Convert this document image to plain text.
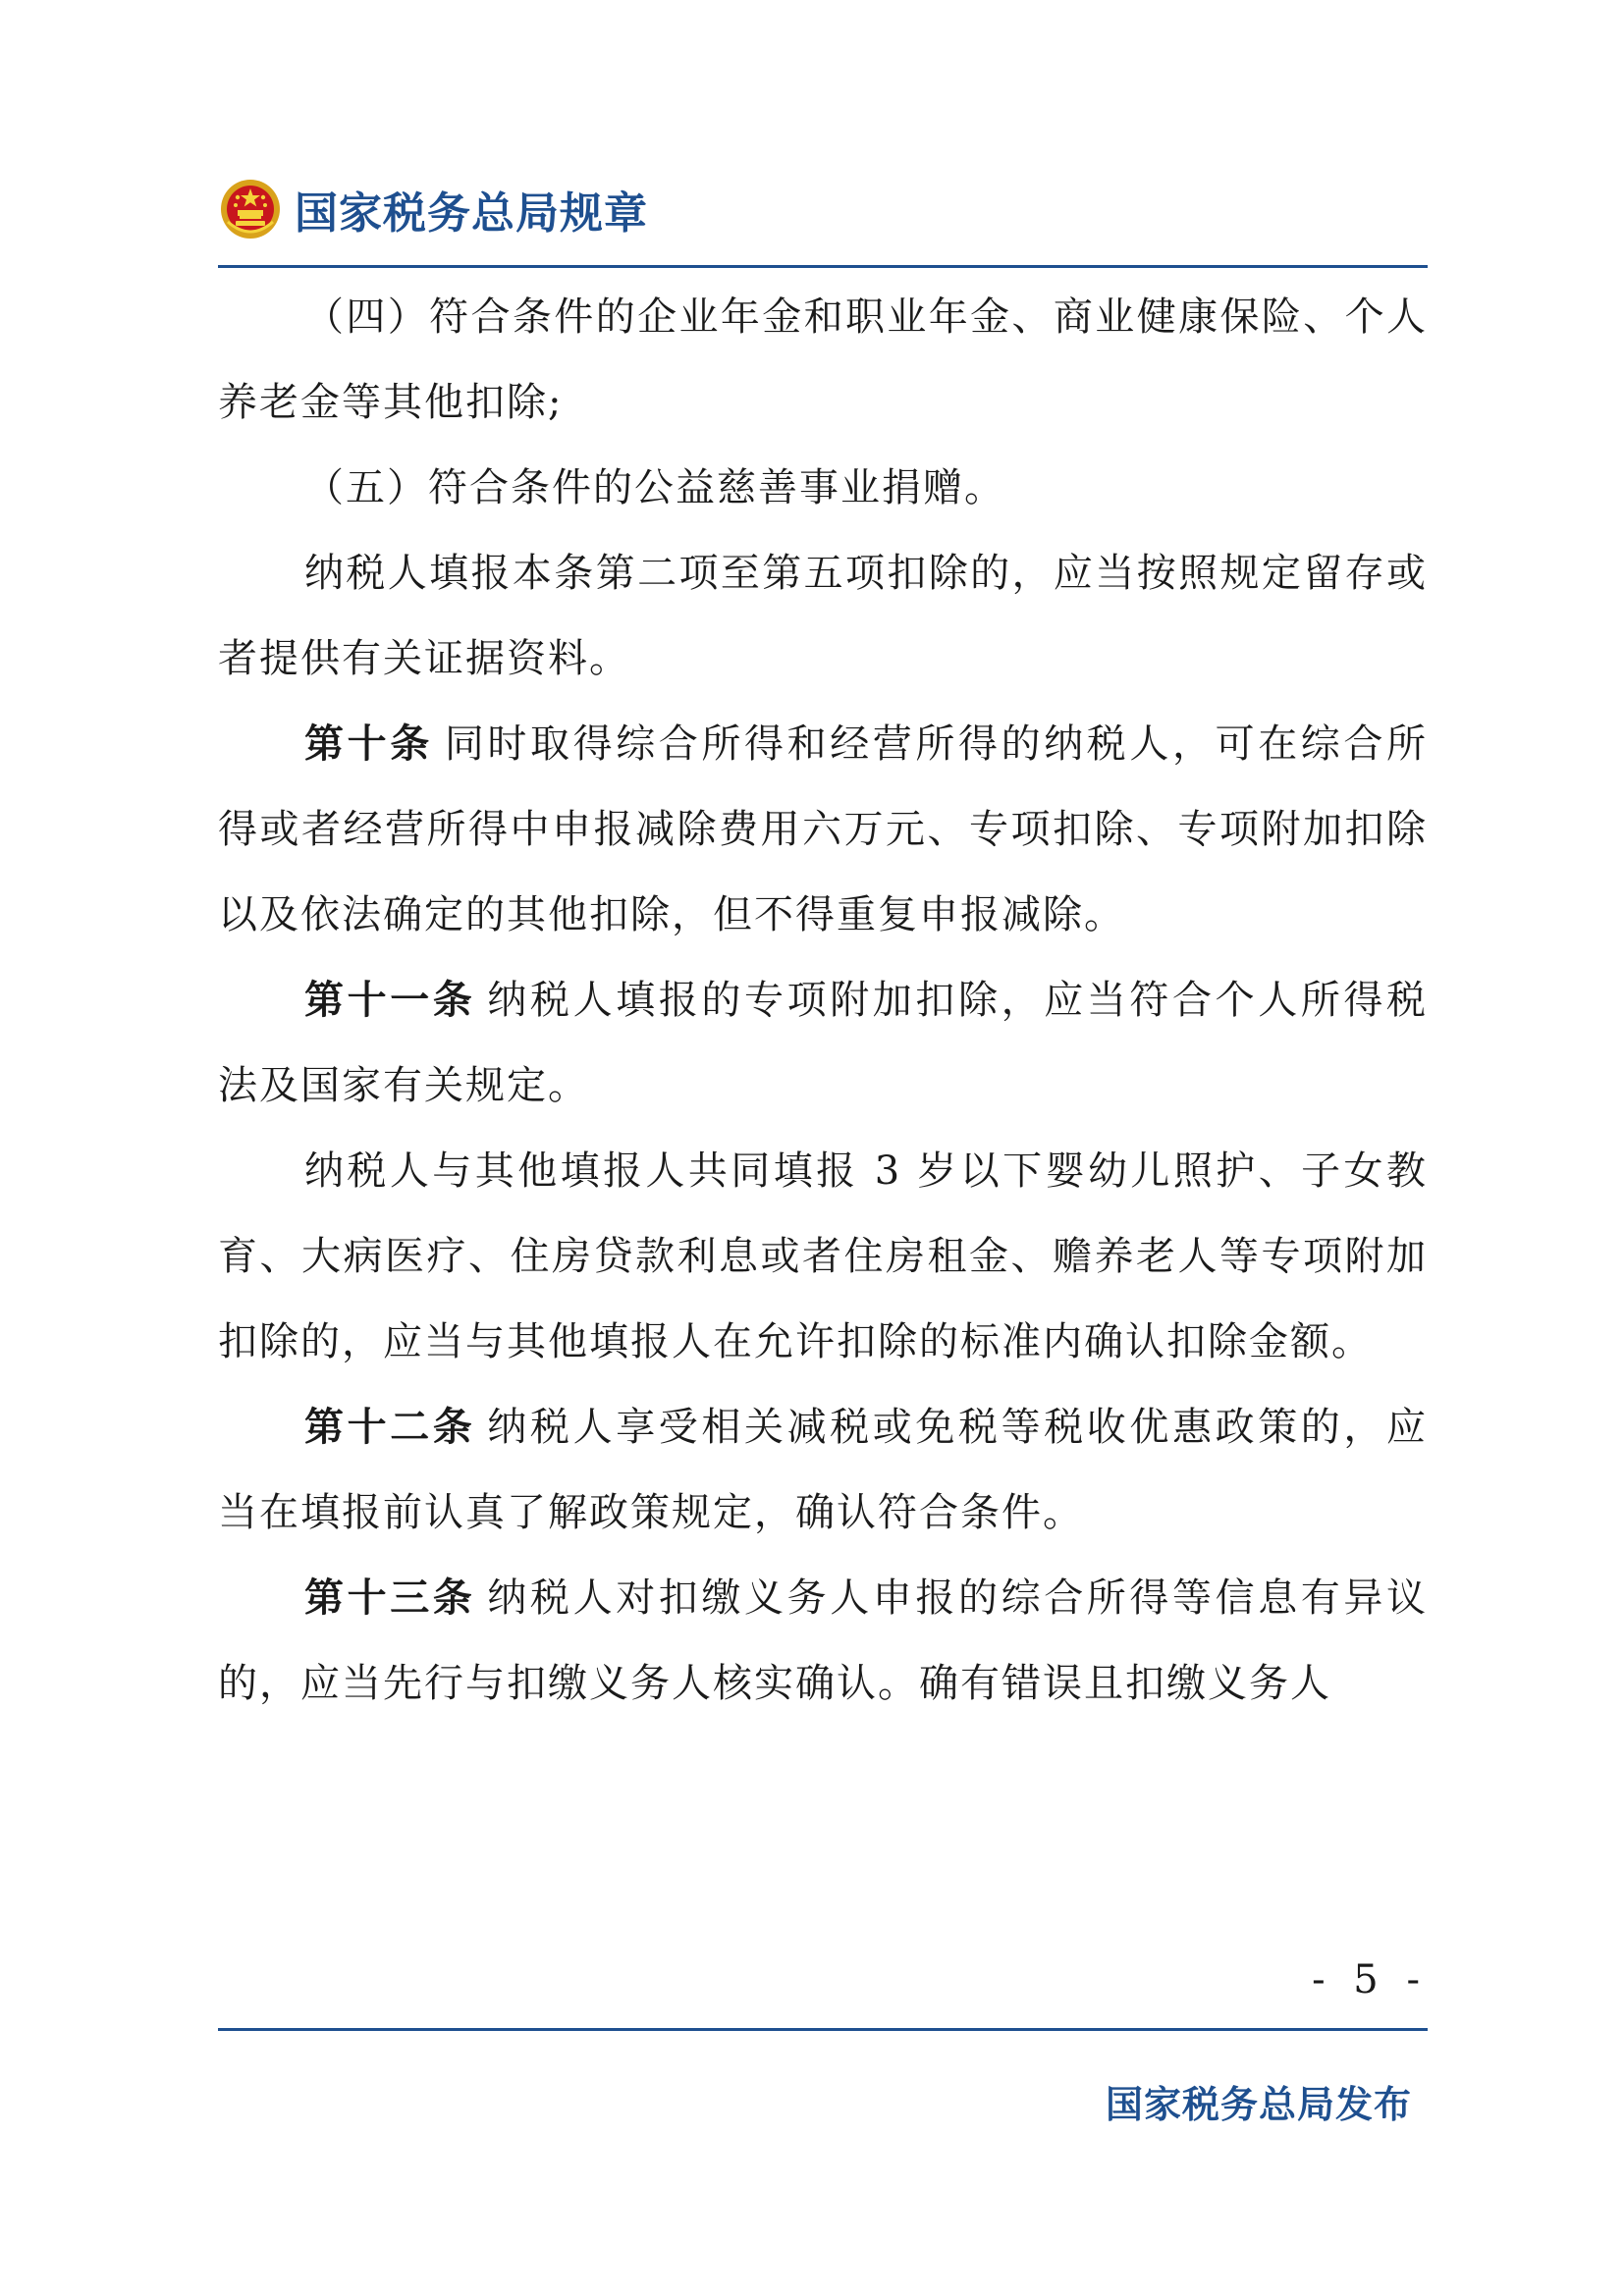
国家税务总局规章

（四）符合条件的企业年金和职业年金、商业健康保险、个人养老金等其他扣除;

（五）符合条件的公益慈善事业捐赠。

纳税人填报本条第二项至第五项扣除的，应当按照规定留存或者提供有关证据资料。

第十条 同时取得综合所得和经营所得的纳税人，可在综合所得或者经营所得中申报减除费用六万元、专项扣除、专项附加扣除以及依法确定的其他扣除，但不得重复申报减除。

第十一条 纳税人填报的专项附加扣除，应当符合个人所得税法及国家有关规定。

纳税人与其他填报人共同填报 3 岁以下婴幼儿照护、子女教育、大病医疗、住房贷款利息或者住房租金、赡养老人等专项附加扣除的，应当与其他填报人在允许扣除的标准内确认扣除金额。

第十二条 纳税人享受相关减税或免税等税收优惠政策的，应当在填报前认真了解政策规定，确认符合条件。

第十三条 纳税人对扣缴义务人申报的综合所得等信息有异议的，应当先行与扣缴义务人核实确认。确有错误且扣缴义务人

- 5 -
国家税务总局发布
